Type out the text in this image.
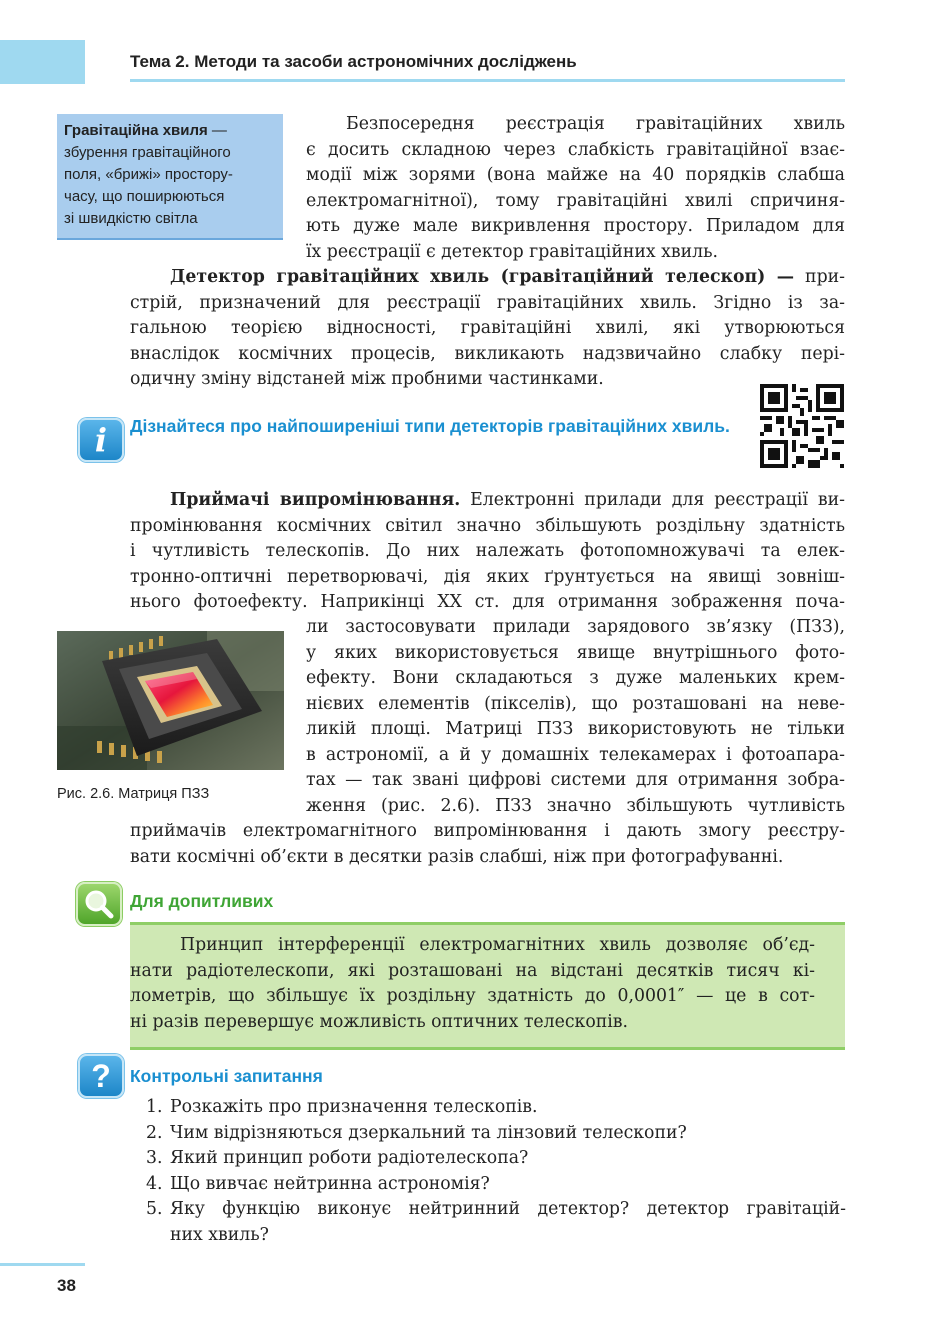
Тема 2. Методи та засоби астрономічних досліджень
Гравітаційна хвиля —
збурення гравітаційного
поля, «брижі» простору-
часу, що поширюються
зі швидкістю світла
Безпосередня реєстрація гравітаційних хвиль
є досить складною через слабкість гравітаційної взає-
модії між зорями (вона майже на 40 порядків слабша
електромагнітної), тому гравітаційні хвилі спричиня-
ють дуже мале викривлення простору. Приладом для
їх реєстрації є детектор гравітаційних хвиль.
Детектор гравітаційних хвиль (гравітаційний телескоп) — при-
стрій, призначений для реєстрації гравітаційних хвиль. Згідно із за-
гальною теорією відносності, гравітаційні хвилі, які утворюються
внаслідок космічних процесів, викликають надзвичайно слабку пері-
одичну зміну відстаней між пробними частинками.
i	Дізнайтеся про найпоширеніші типи детекторів гравітаційних хвиль.
Приймачі випромінювання. Електронні прилади для реєстрації ви-
промінювання космічних світил значно збільшують роздільну здатність
і чутливість телескопів. До них належать фотопомножувачі та елек-
тронно-оптичні перетворювачі, дія яких ґрунтується на явищі зовніш-
нього фотоефекту. Наприкінці XX ст. для отримання зображення поча-
ли застосовувати прилади зарядового зв’язку (ПЗЗ),
у яких використовується явище внутрішнього фото-
ефекту. Вони складаються з дуже маленьких крем-
нієвих елементів (пікселів), що розташовані на неве-
ликій площі. Матриці ПЗЗ використовують не тільки
в астрономії, а й у домашніх телекамерах і фотоапара-
тах — так звані цифрові системи для отримання зобра-
ження (рис. 2.6). ПЗЗ значно збільшують чутливість
приймачів електромагнітного випромінювання і дають змогу реєстру-
вати космічні об’єкти в десятки разів слабші, ніж при фотографуванні.
Рис. 2.6. Матриця ПЗЗ
Для допитливих
Принцип інтерференції електромагнітних хвиль дозволяє об’єд-
нати радіотелескопи, які розташовані на відстані десятків тисяч кі-
лометрів, що збільшує їх роздільну здатність до 0,0001″ — це в сот-
ні разів перевершує можливість оптичних телескопів.
?	Контрольні запитання
1. Розкажіть про призначення телескопів.
2. Чим відрізняються дзеркальний та лінзовий телескопи?
3. Який принцип роботи радіотелескопа?
4. Що вивчає нейтринна астрономія?
5. Яку функцію виконує нейтринний детектор? детектор гравітацій-
них хвиль?
38
